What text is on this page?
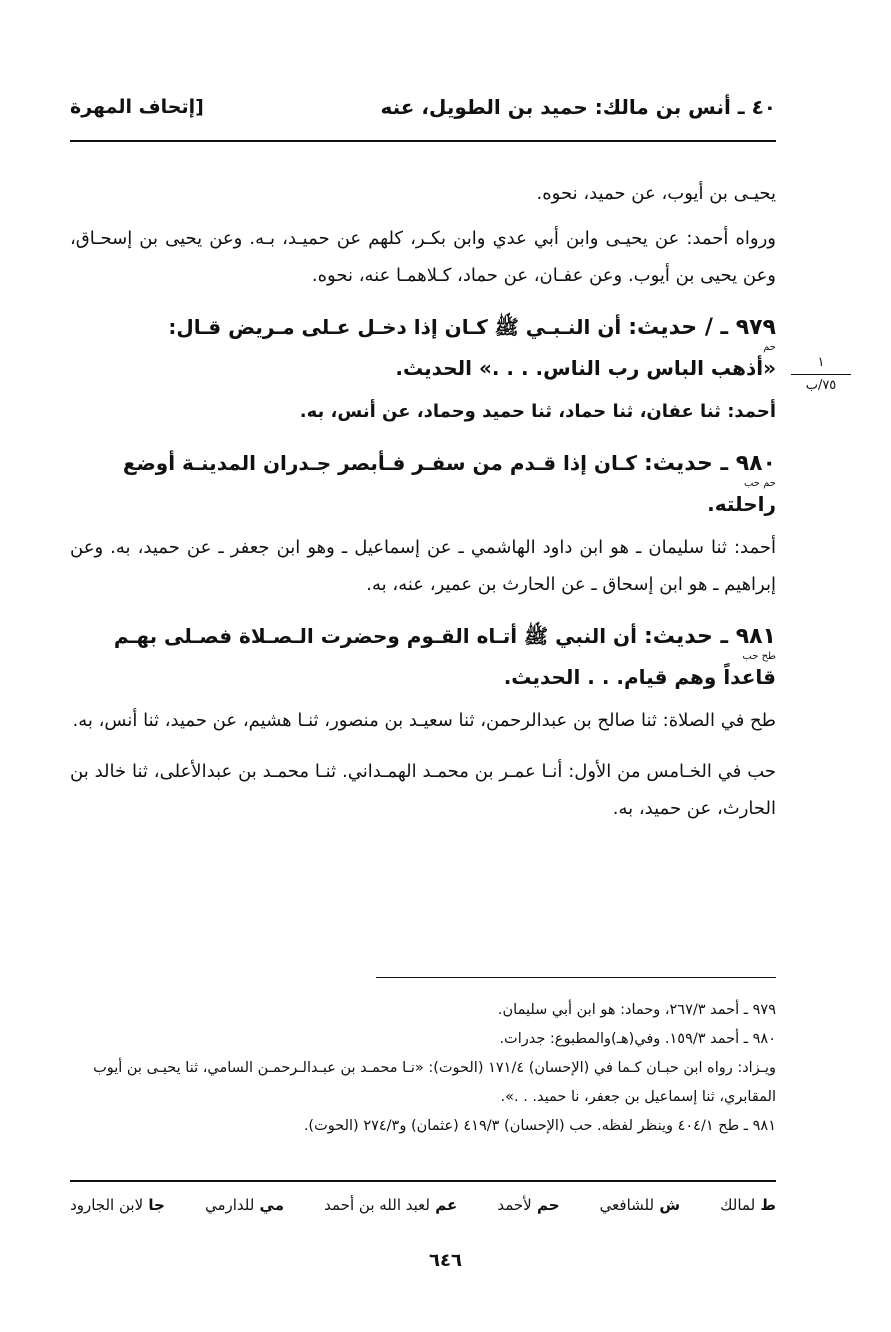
٤٠ ـ أنس بن مالك: حميد بن الطويل، عنه
[إتحاف المهرة
١
٧٥/ب

يحيـى بن أيوب، عن حميد، نحوه.

ورواه أحمد: عن يحيـى وابن أبي عدي وابن بكـر، كلهم عن حميـد، بـه. وعن يحيى بن إسحـاق، وعن يحيى بن أيوب. وعن عفـان، عن حماد، كـلاهمـا عنه، نحوه.

٩٧٩ ـ / حديث: أن النـبـي ﷺ كـان إذا دخـل عـلى مـريض قـال:
حم
«أذهب الباس رب الناس. . . .» الحديث.

أحمد: ثنا عفان، ثنا حماد، ثنا حميد وحماد، عن أنس، به.

٩٨٠ ـ حديث: كـان إذا قـدم من سفـر فـأبصر جـدران المدينـة أوضع
حم حب
راحلته.

أحمد: ثنا سليمان ـ هو ابن داود الهاشمي ـ عن إسماعيل ـ وهو ابن جعفر ـ عن حميد، به. وعن إبراهيم ـ هو ابن إسحاق ـ عن الحارث بن عمير، عنه، به.

٩٨١ ـ حديث: أن النبي ﷺ أتـاه القـوم وحضرت الـصـلاة فصـلى بهـم
طح حب
قاعداً وهم قيام. . . الحديث.

طح في الصلاة: ثنا صالح بن عبدالرحمن، ثنا سعيـد بن منصور، ثنـا هشيم، عن حميد، ثنا أنس، به.

حب في الخـامس من الأول: أنـا عمـر بن محمـد الهمـداني. ثنـا محمـد بن عبدالأعلى، ثنا خالد بن الحارث، عن حميد، به.

٩٧٩ ـ أحمد ٢٦٧/٣، وحماد: هو ابن أبي سليمان.

٩٨٠ ـ أحمد ١٥٩/٣. وفي(هـ)والمطبوع: جدرات.

ويـزاد: رواه ابن حبـان كـما في (الإحسان) ١٧١/٤ (الحوت): «نـا محمـد بن عبـدالـرحمـن السامي، ثنا يحيـى بن أيوب المقابري، ثنا إسماعيل بن جعفر، نا حميد. . .».

٩٨١ ـ طح ٤٠٤/١ وينظر لفظه. حب (الإحسان) ٤١٩/٣ (عثمان) و٢٧٤/٣ (الحوت).

ط لمالك
ش للشافعي
حم لأحمد
عم لعبد الله بن أحمد
مي للدارمي
جا لابن الجارود
٦٤٦
